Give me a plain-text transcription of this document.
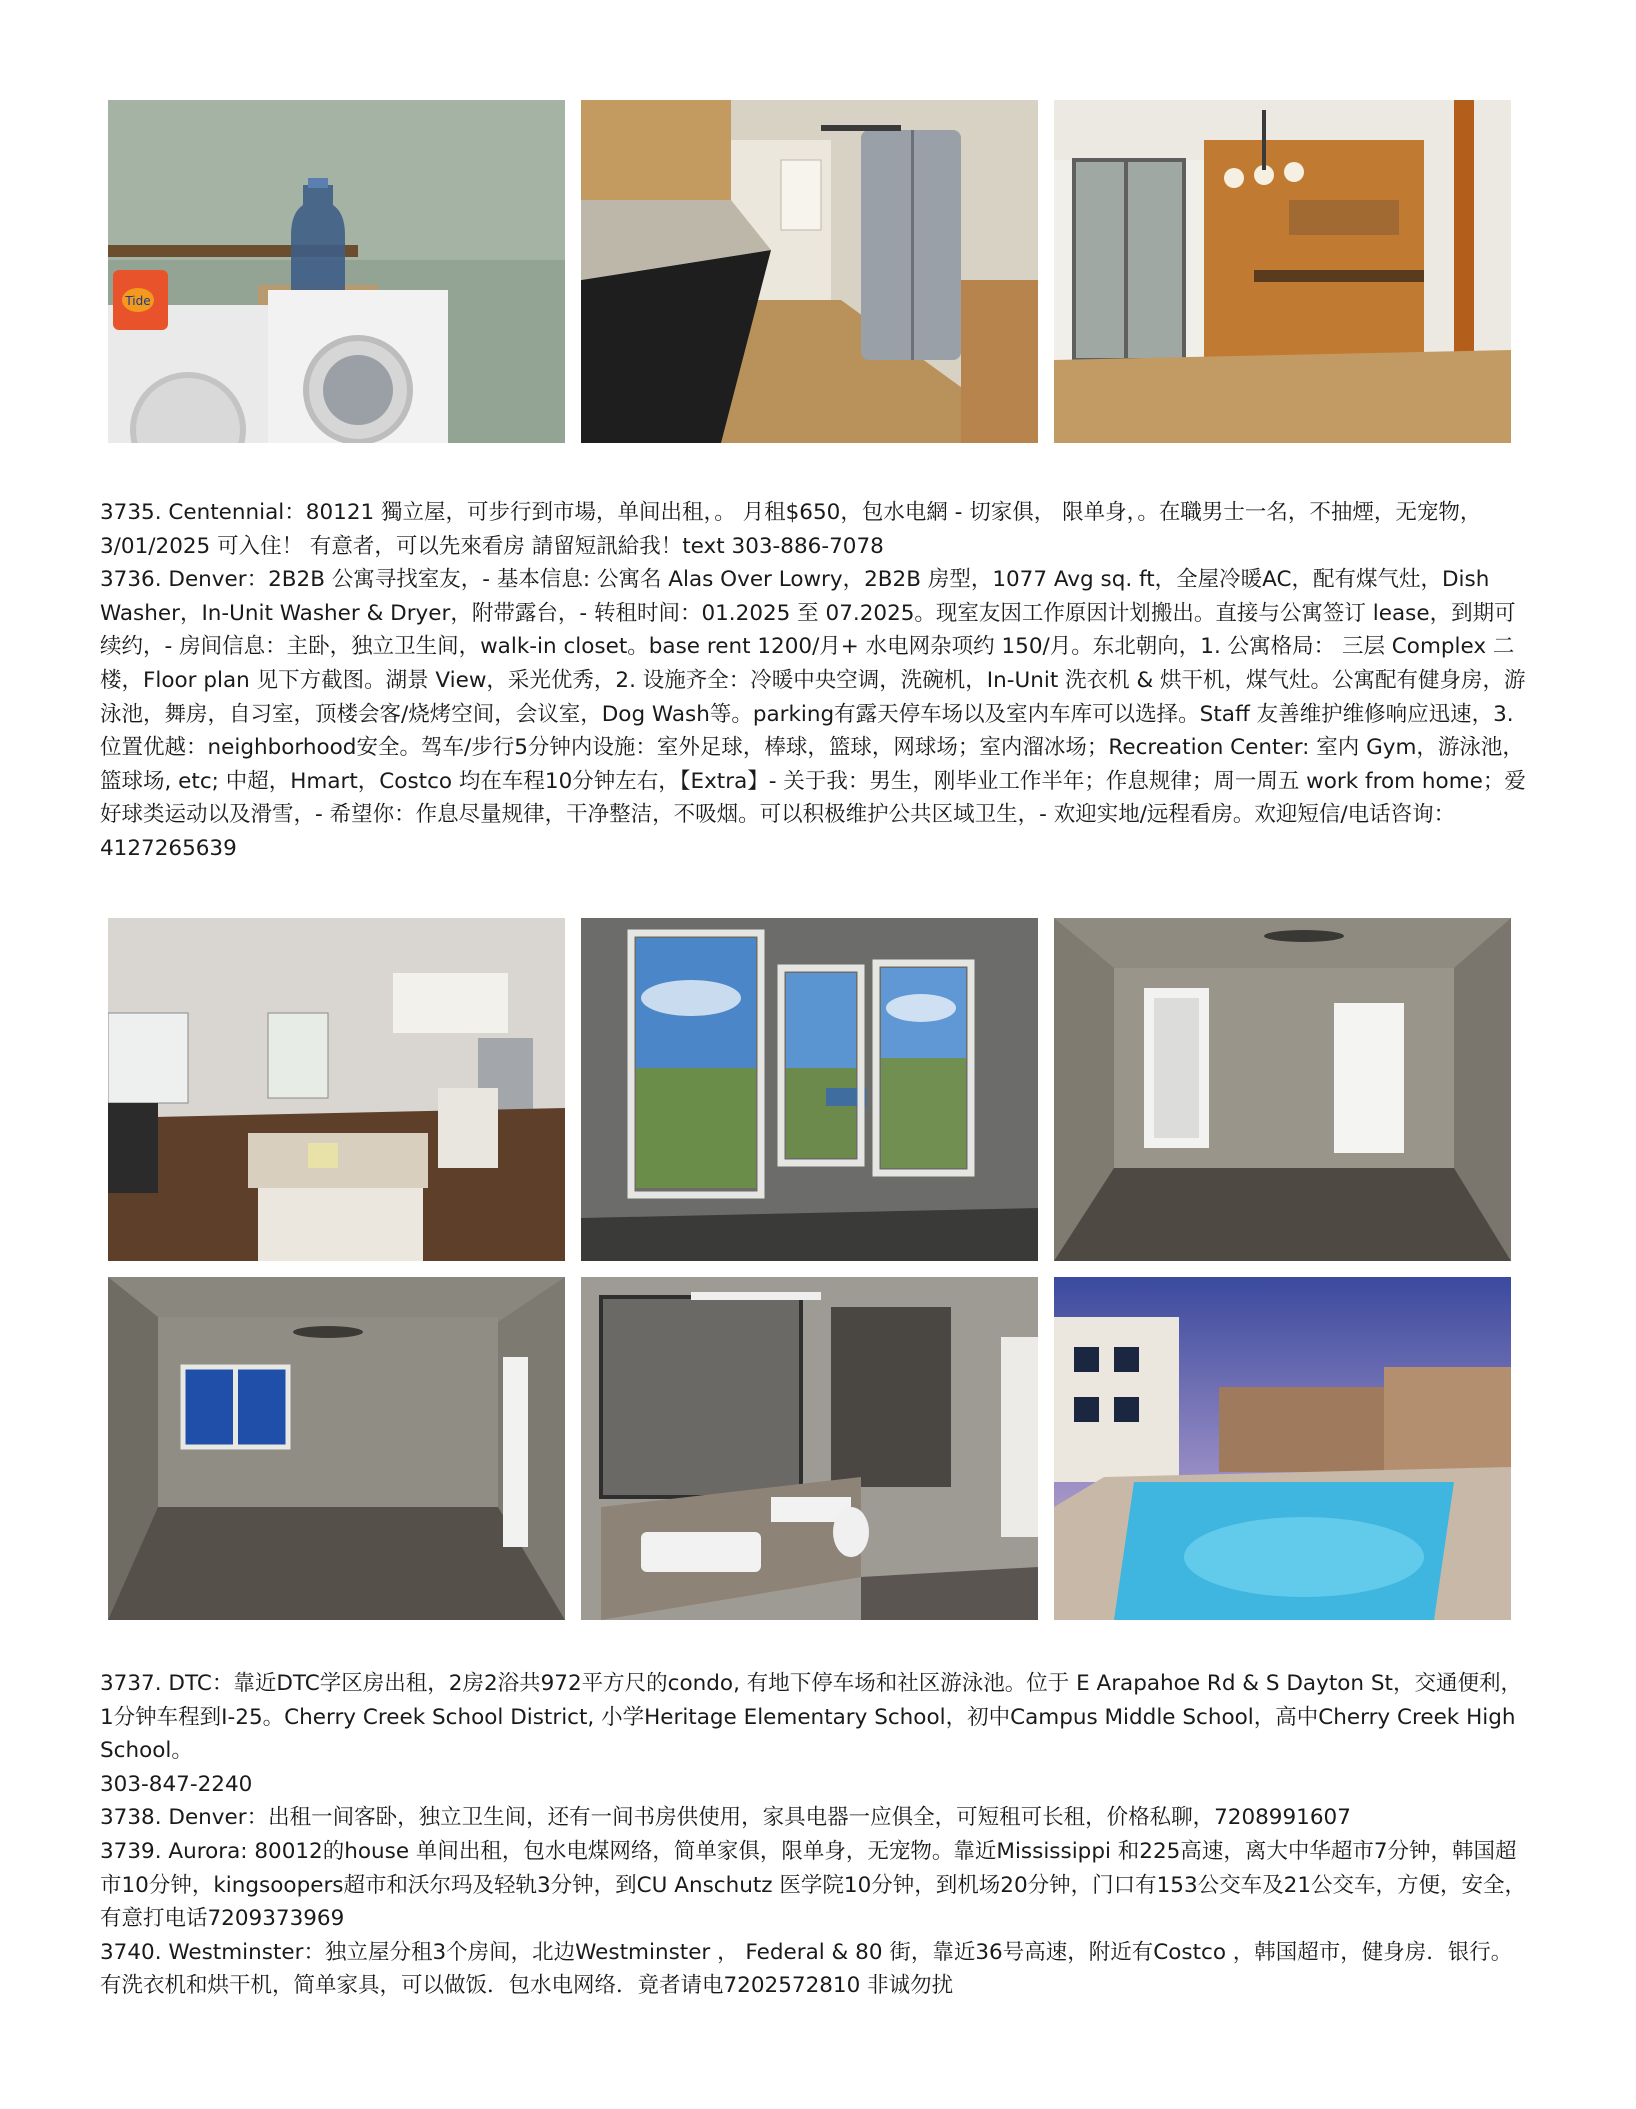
Tide

3735. Centennial：80121 獨立屋，可步行到市場，单间出租，。 月租$650，包水电網 - 切家俱， 限单身，。在職男士一名，不抽煙，无宠物，3/01/2025 可入住！ 有意者，可以先來看房 請留短訊給我！text 303-886-7078

3736. Denver：2B2B 公寓寻找室友，- 基本信息: 公寓名 Alas Over Lowry，2B2B 房型，1077 Avg sq. ft，全屋冷暖AC，配有煤气灶，Dish Washer，In-Unit Washer & Dryer，附带露台，- 转租时间：01.2025 至 07.2025。现室友因工作原因计划搬出。直接与公寓签订 lease，到期可续约，- 房间信息：主卧，独立卫生间，walk-in closet。base rent 1200/月+ 水电网杂项约 150/月。东北朝向，1. 公寓格局： 三层 Complex 二楼，Floor plan 见下方截图。湖景 View，采光优秀，2. 设施齐全：冷暖中央空调，洗碗机，In-Unit 洗衣机 & 烘干机，煤气灶。公寓配有健身房，游泳池，舞房，自习室，顶楼会客/烧烤空间，会议室，Dog Wash等。parking有露天停车场以及室内车库可以选择。Staff 友善维护维修响应迅速，3. 位置优越：neighborhood安全。驾车/步行5分钟内设施：室外足球，棒球，篮球，网球场；室内溜冰场；Recreation Center: 室内 Gym，游泳池，篮球场, etc; 中超，Hmart，Costco 均在车程10分钟左右，【Extra】- 关于我：男生，刚毕业工作半年；作息规律；周一周五 work from home；爱好球类运动以及滑雪，- 希望你：作息尽量规律，干净整洁，不吸烟。可以积极维护公共区域卫生，- 欢迎实地/远程看房。欢迎短信/电话咨询：4127265639

3737. DTC：靠近DTC学区房出租，2房2浴共972平方尺的condo, 有地下停车场和社区游泳池。位于 E Arapahoe Rd & S Dayton St，交通便利，1分钟车程到I-25。Cherry Creek School District, 小学Heritage Elementary School，初中Campus Middle School，高中Cherry Creek High School。

303-847-2240

3738. Denver：出租一间客卧，独立卫生间，还有一间书房供使用，家具电器一应俱全，可短租可长租，价格私聊，7208991607

3739. Aurora: 80012的house 单间出租，包水电煤网络，简单家俱，限单身，无宠物。靠近Mississippi 和225高速，离大中华超市7分钟，韩国超市10分钟，kingsoopers超市和沃尔玛及轻轨3分钟，到CU Anschutz 医学院10分钟，到机场20分钟，门口有153公交车及21公交车，方便，安全，有意打电话7209373969

3740. Westminster：独立屋分租3个房间，北边Westminster ， Federal & 80 街，靠近36号高速，附近有Costco ，韩国超市，健身房．银行。有洗衣机和烘干机，简单家具，可以做饭．包水电网络．竟者请电7202572810 非诚勿扰
